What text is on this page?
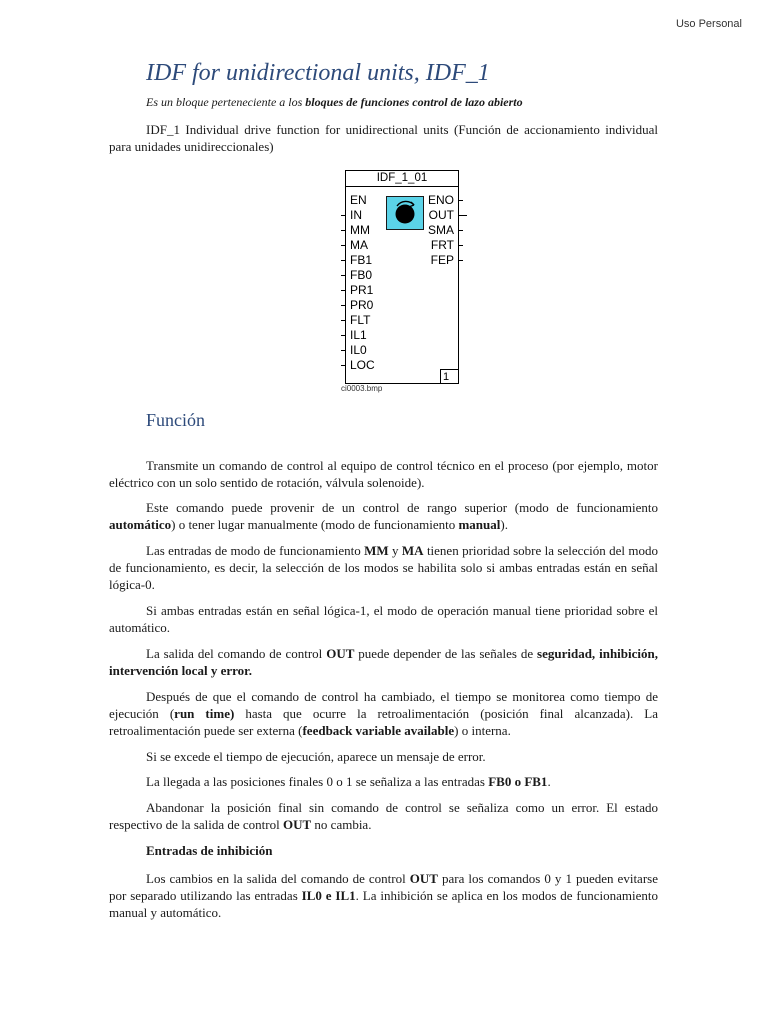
Uso Personal
IDF for unidirectional units, IDF_1
Es un bloque perteneciente a los bloques de funciones control de lazo abierto

IDF_1 Individual drive function for unidirectional units (Función de accionamiento individual para unidades unidireccionales)

IDF_1_01
EN
IN
MM
MA
FB1
FB0
PR1
PR0
FLT
IL1
IL0
LOC
ENO
OUT
SMA
FRT
FEP
1
ci0003.bmp
Función

Transmite un comando de control al equipo de control técnico en el proceso (por ejemplo, motor eléctrico con un solo sentido de rotación, válvula solenoide).

Este comando puede provenir de un control de rango superior (modo de funcionamiento automático) o tener lugar manualmente (modo de funcionamiento manual).

Las entradas de modo de funcionamiento MM y MA tienen prioridad sobre la selección del modo de funcionamiento, es decir, la selección de los modos se habilita solo si ambas entradas están en señal lógica-0.

Si ambas entradas están en señal lógica-1, el modo de operación manual tiene prioridad sobre el automático.

La salida del comando de control OUT puede depender de las señales de seguridad, inhibición, intervención local y error.

Después de que el comando de control ha cambiado, el tiempo se monitorea como tiempo de ejecución (run time) hasta que ocurre la retroalimentación (posición final alcanzada). La retroalimentación puede ser externa (feedback variable available) o interna.

Si se excede el tiempo de ejecución, aparece un mensaje de error.

La llegada a las posiciones finales 0 o 1 se señaliza a las entradas FB0 o FB1.

Abandonar la posición final sin comando de control se señaliza como un error. El estado respectivo de la salida de control OUT no cambia.

Entradas de inhibición

Los cambios en la salida del comando de control OUT para los comandos 0 y 1 pueden evitarse por separado utilizando las entradas IL0 e IL1. La inhibición se aplica en los modos de funcionamiento manual y automático.
